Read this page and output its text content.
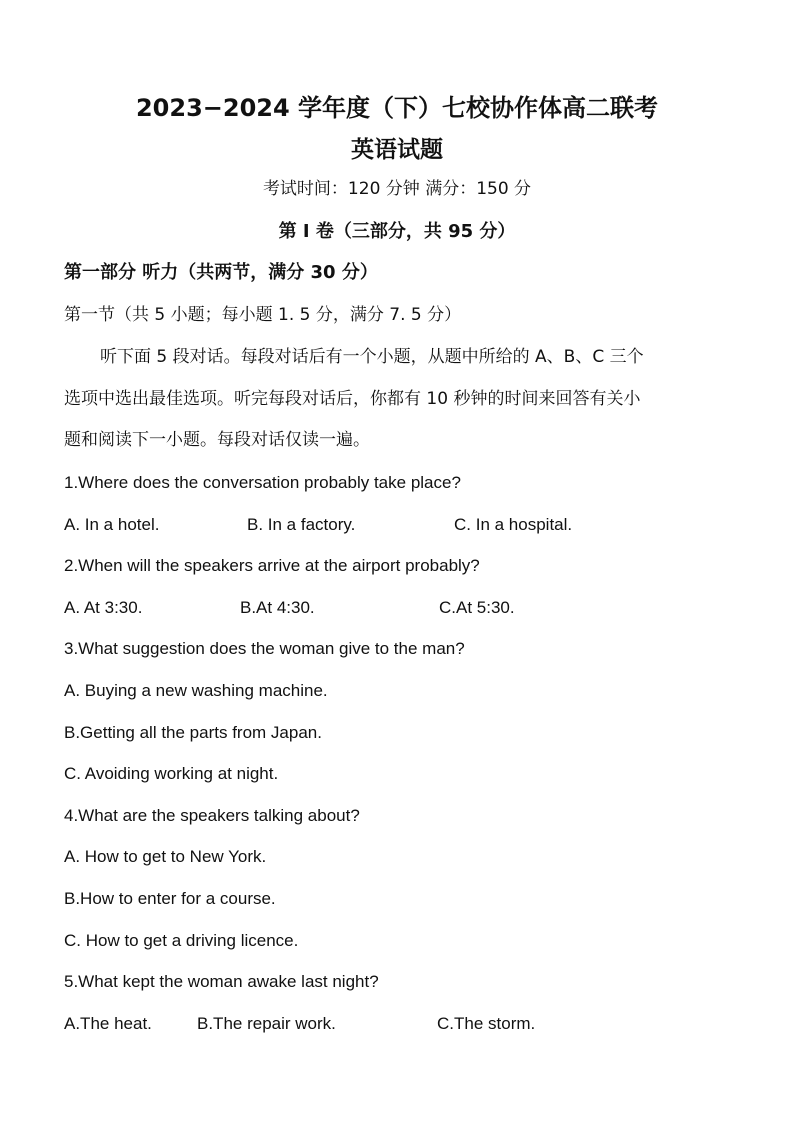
2023−2024 学年度（下）七校协作体高二联考
英语试题
考试时间：120 分钟 满分：150 分
第 I 卷（三部分，共 95 分）
第一部分 听力（共两节，满分 30 分）
第一节（共 5 小题；每小题 1. 5 分，满分 7. 5 分）
听下面 5 段对话。每段对话后有一个小题，从题中所给的 A、B、C 三个
选项中选出最佳选项。听完每段对话后，你都有 10 秒钟的时间来回答有关小
题和阅读下一小题。每段对话仅读一遍。
1.Where does the conversation probably take place?
A. In a hotel.	B. In a factory.	C. In a hospital.
2.When will the speakers arrive at the airport probably?
A. At 3:30.	B.At 4:30.	C.At 5:30.
3.What suggestion does the woman give to the man?
A. Buying a new washing machine.
B.Getting all the parts from Japan.
C. Avoiding working at night.
4.What are the speakers talking about?
A. How to get to New York.
B.How to enter for a course.
C. How to get a driving licence.
5.What kept the woman awake last night?
A.The heat.	B.The repair work.	C.The storm.
